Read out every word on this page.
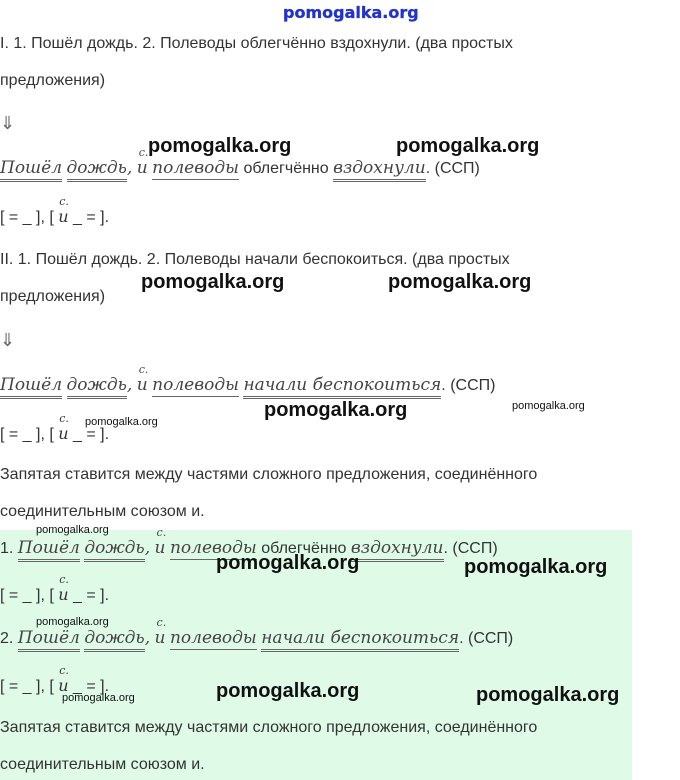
pomogalka.org
I. 1. Пошёл дождь. 2. Полеводы облегчённо вздохнули. (два простых
предложения)
⇓
Пошёл дождь,
с.
и полеводы облегчённо вздохнули. (ССП)
[ = _ ], [
с.
и _ = ].
II. 1. Пошёл дождь. 2. Полеводы начали беспокоиться. (два простых
предложения)
⇓
Пошёл дождь,
с.
и полеводы начали беспокоиться. (ССП)
[ = _ ], [
с.
и _ = ].
Запятая ставится между частями сложного предложения, соединённого
соединительным союзом и.
1. Пошёл дождь,
с.
и полеводы облегчённо вздохнули. (ССП)
[ = _ ], [
с.
и _ = ].
2. Пошёл дождь,
с.
и полеводы начали беспокоиться. (ССП)
[ = _ ], [
с.
и _ = ].
Запятая ставится между частями сложного предложения, соединённого
соединительным союзом и.
pomogalka.org	pomogalka.org
pomogalka.org	pomogalka.org
pomogalka.org	pomogalka.org
pomogalka.org
pomogalka.org
pomogalka.org	pomogalka.org
pomogalka.org
pomogalka.org	pomogalka.org
pomogalka.org
